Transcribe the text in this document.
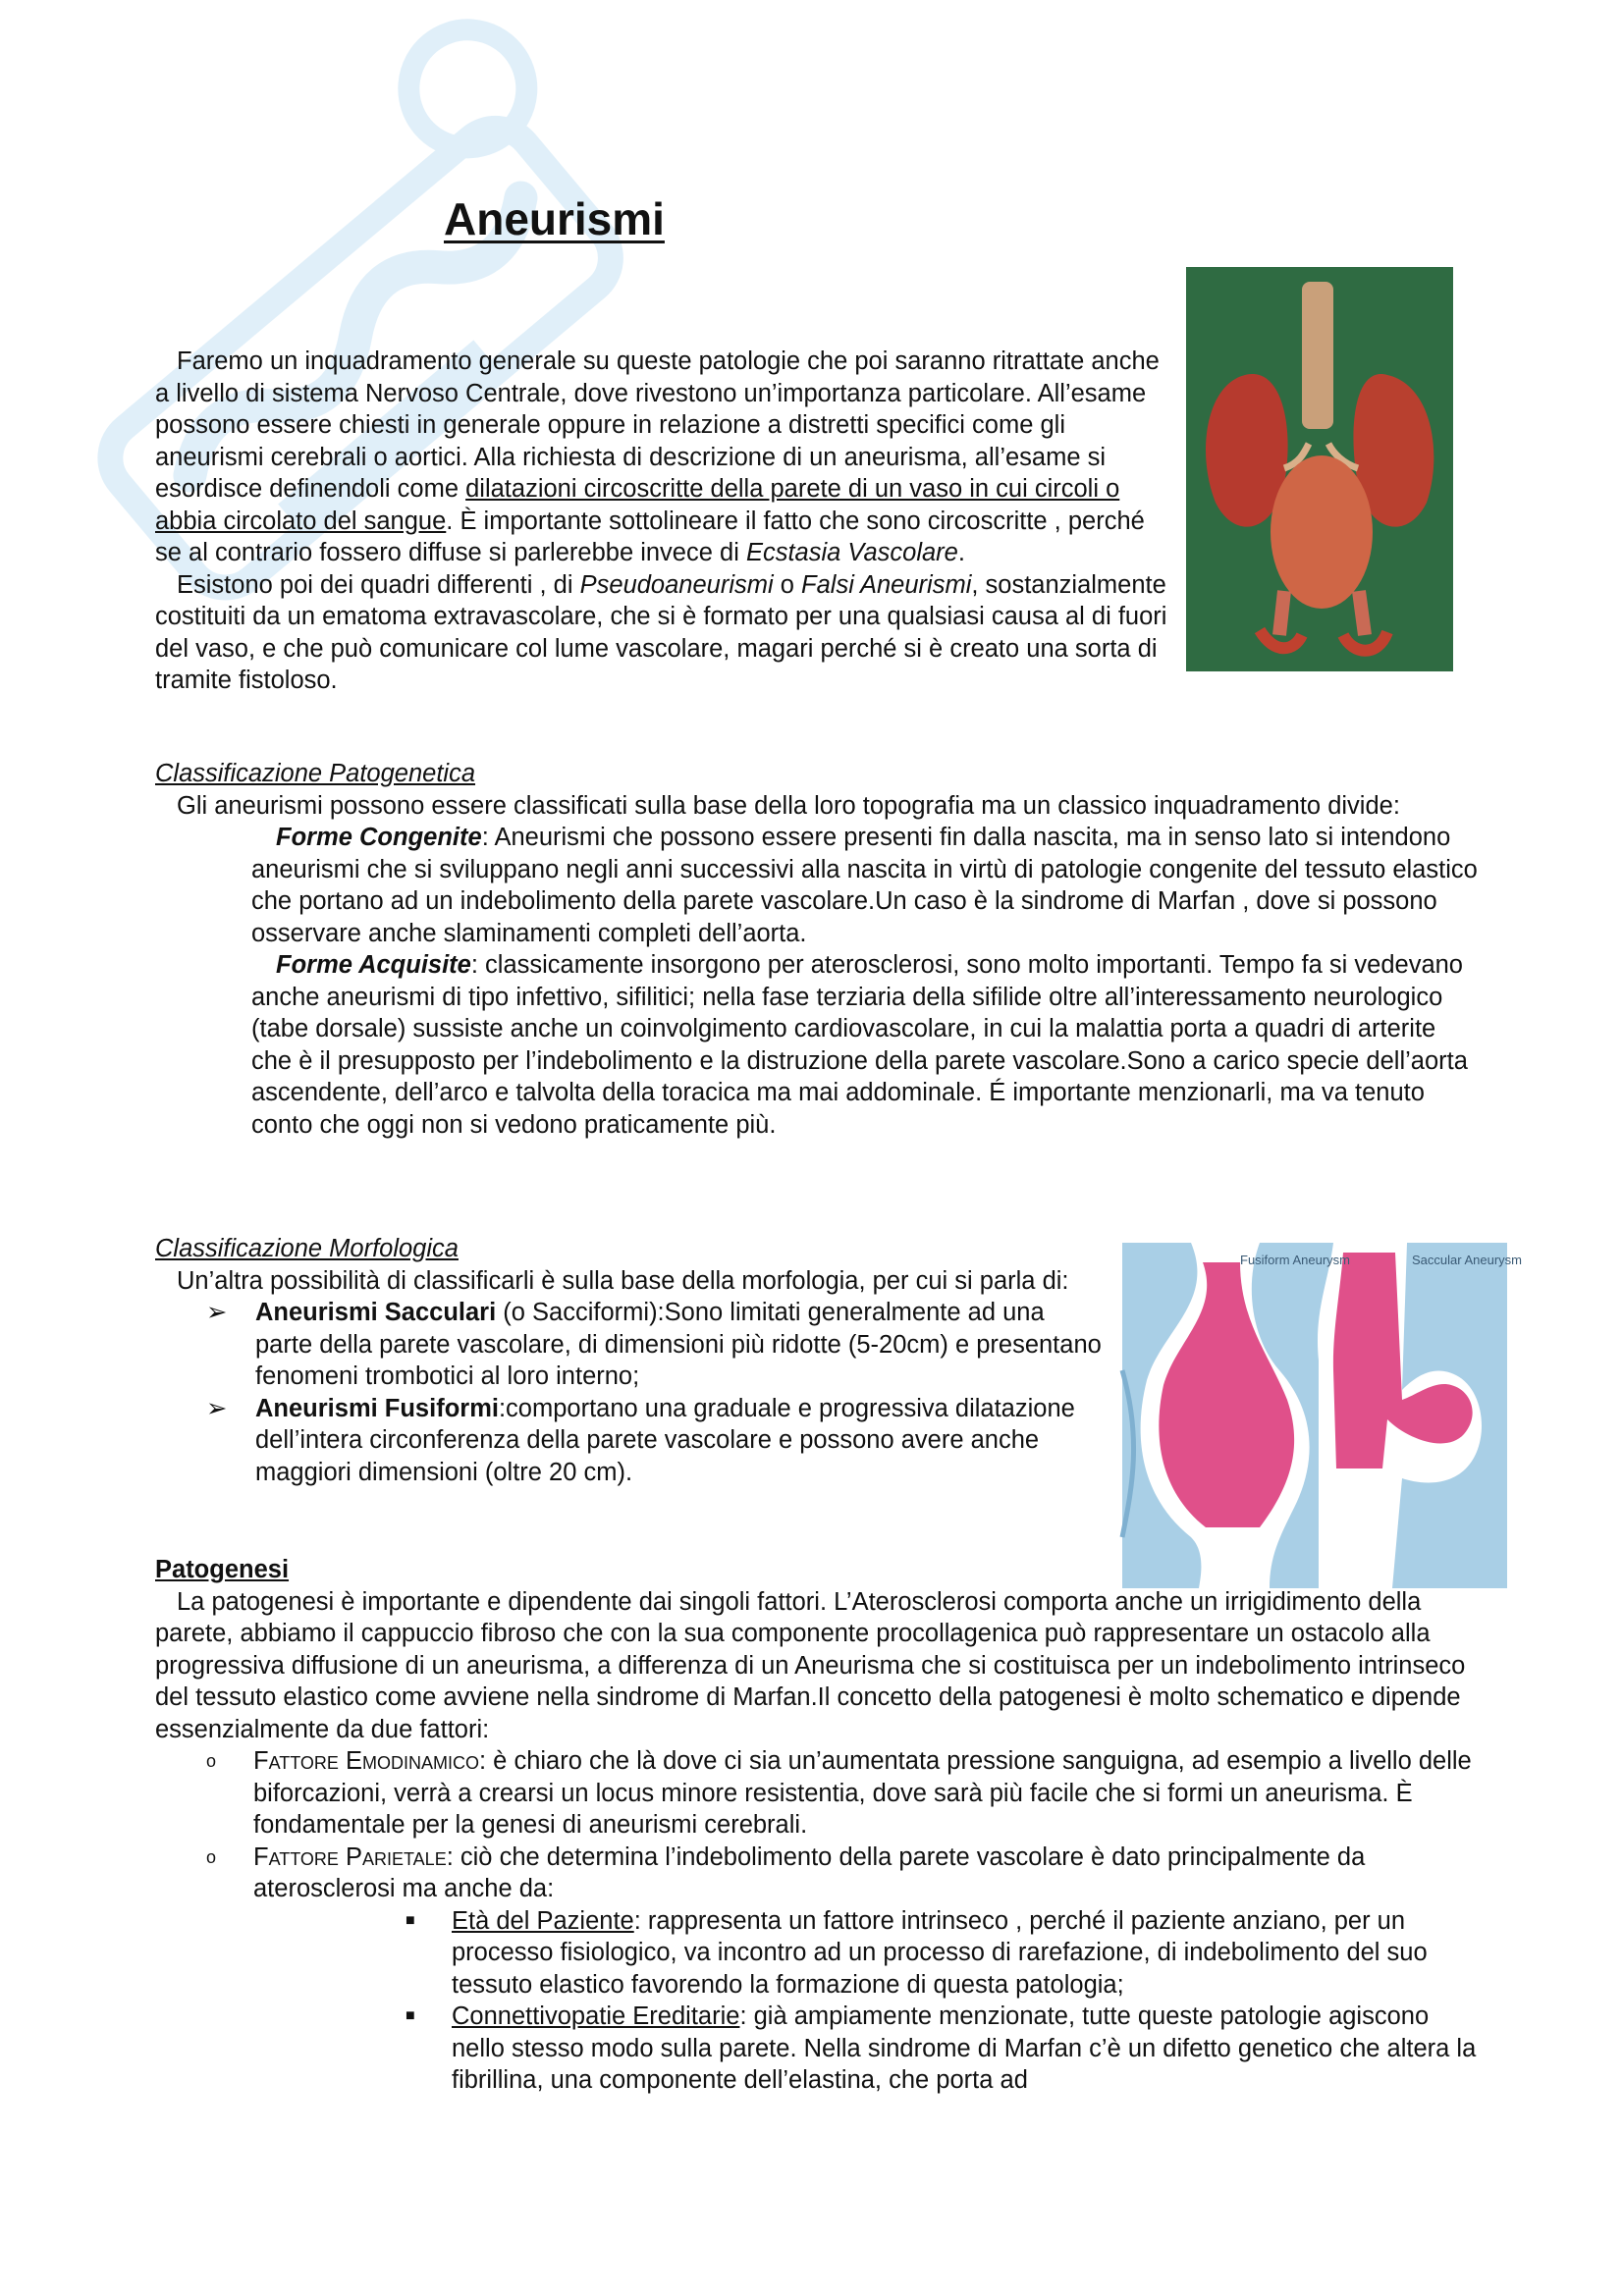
Aneurismi

Faremo un inquadramento generale su queste patologie che poi saranno ritrattate anche a livello di sistema Nervoso Centrale, dove rivestono un’importanza particolare. All’esame possono essere chiesti in generale oppure in relazione a distretti specifici come gli aneurismi cerebrali o aortici. Alla richiesta di descrizione di un aneurisma, all’esame si esordisce definendoli come dilatazioni circoscritte della parete di un vaso in cui circoli o abbia circolato del sangue. È importante sottolineare il fatto che sono circoscritte , perché se al contrario fossero diffuse si parlerebbe invece di Ecstasia Vascolare.

Esistono poi dei quadri differenti , di Pseudoaneurismi o Falsi Aneurismi, sostanzialmente costituiti da un ematoma extravascolare, che si è formato per una qualsiasi causa al di fuori del vaso, e che può comunicare col lume vascolare, magari perché si è creato una sorta di tramite fistoloso.

Classificazione Patogenetica

Gli aneurismi possono essere classificati sulla base della loro topografia ma un classico inquadramento divide:

Forme Congenite: Aneurismi che possono essere presenti fin dalla nascita, ma in senso lato si intendono aneurismi che si sviluppano negli anni successivi alla nascita in virtù di patologie congenite del tessuto elastico che portano ad un indebolimento della parete vascolare.Un caso è la sindrome di Marfan , dove si possono osservare anche slaminamenti completi dell’aorta.

Forme Acquisite: classicamente insorgono per aterosclerosi, sono molto importanti. Tempo fa si vedevano anche aneurismi di tipo infettivo, sifilitici; nella fase terziaria della sifilide oltre all’interessamento neurologico (tabe dorsale) sussiste anche un coinvolgimento cardiovascolare, in cui la malattia porta a quadri di arterite che è il presupposto per l’indebolimento e la distruzione della parete vascolare.Sono a carico specie dell’aorta ascendente, dell’arco e talvolta della toracica ma mai addominale. É importante menzionarli, ma va tenuto conto che oggi non si vedono praticamente più.

Fusiform Aneurysm	Saccular Aneurysm

Classificazione Morfologica

Un’altra possibilità di classificarli è sulla base della morfologia, per cui si parla di:

➢ Aneurismi Sacculari (o Sacciformi):Sono limitati generalmente ad una parte della parete vascolare, di dimensioni più ridotte (5-20cm) e presentano fenomeni trombotici al loro interno;
➢ Aneurismi Fusiformi:comportano una graduale e progressiva dilatazione dell’intera circonferenza della parete vascolare e possono avere anche maggiori dimensioni (oltre 20 cm).

Patogenesi

La patogenesi è importante e dipendente dai singoli fattori. L’Aterosclerosi comporta anche un irrigidimento della parete, abbiamo il cappuccio fibroso che con la sua componente procollagenica può rappresentare un ostacolo alla progressiva diffusione di un aneurisma, a differenza di un Aneurisma che si costituisca per un indebolimento intrinseco del tessuto elastico come avviene nella sindrome di Marfan.Il concetto della patogenesi è molto schematico e dipende essenzialmente da due fattori:

o Fattore Emodinamico: è chiaro che là dove ci sia un’aumentata pressione sanguigna, ad esempio a livello delle biforcazioni, verrà a crearsi un locus minore resistentia, dove sarà più facile che si formi un aneurisma. È fondamentale per la genesi di aneurismi cerebrali.
o Fattore Parietale: ciò che determina l’indebolimento della parete vascolare è dato principalmente da aterosclerosi ma anche da:
■ Età del Paziente: rappresenta un fattore intrinseco , perché il paziente anziano, per un processo fisiologico, va incontro ad un processo di rarefazione, di indebolimento del suo tessuto elastico favorendo la formazione di questa patologia;
■ Connettivopatie Ereditarie: già ampiamente menzionate, tutte queste patologie agiscono nello stesso modo sulla parete. Nella sindrome di Marfan c’è un difetto genetico che altera la fibrillina, una componente dell’elastina, che porta ad
